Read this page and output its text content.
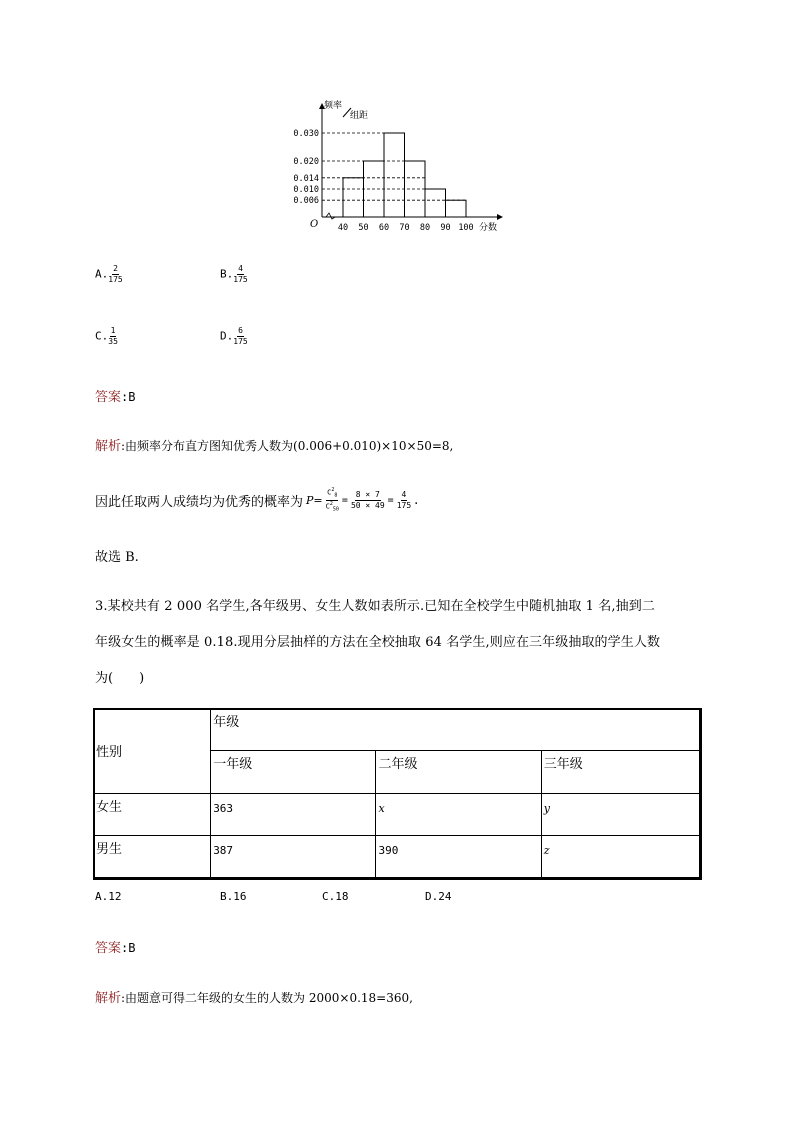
0.030
0.020
0.014
0.010
0.006
40 50 60 70 80 90 100
频率
组距
分数
O
A. $\frac{2}{175}$	B. $\frac{4}{175}$
C. $\frac{1}{35}$	D. $\frac{6}{175}$
答案:B
解析:由频率分布直方图知优秀人数为(0.006+0.010)×10×50=8,
因此任取两人成绩均为优秀的概率为 $P= \frac{C^2_8}{C^2_{50}} = \frac{8 \times 7}{50 \times 49} = \frac{4}{175}$ .
故选 B.
3.某校共有 2 000 名学生,各年级男、女生人数如表所示.已知在全校学生中随机抽取 1 名,抽到二
年级女生的概率是 0.18.现用分层抽样的方法在全校抽取 64 名学生,则应在三年级抽取的学生人数
为(　　)
性别	年级		
	一年级	二年级	三年级
女生	363	x	y
男生	387	390	z
A.12	B.16	C.18	D.24
答案:B
解析:由题意可得二年级的女生的人数为 2000×0.18=360,
